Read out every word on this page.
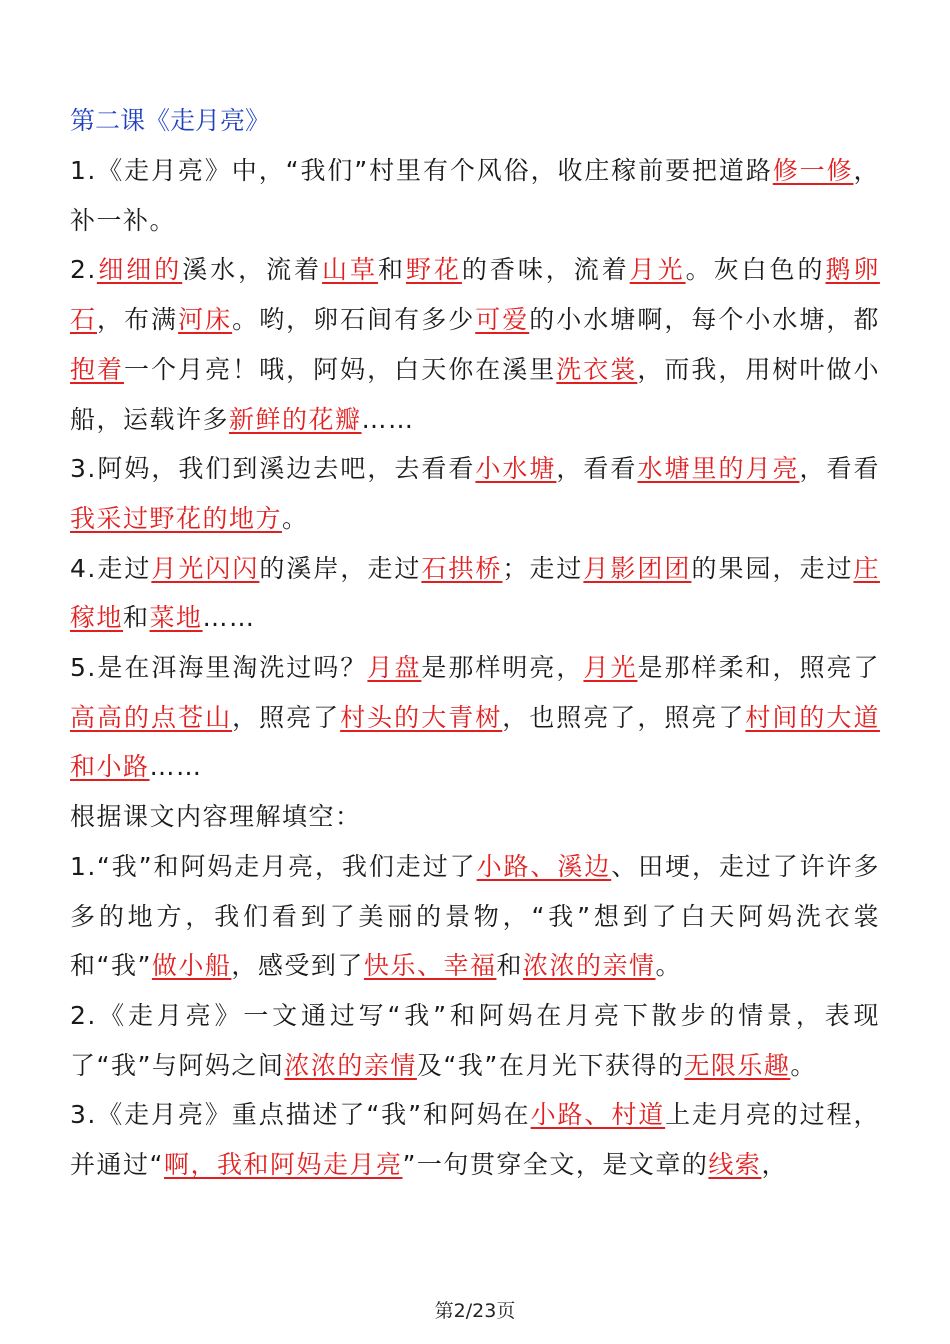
第二课《走月亮》

1.《走月亮》中，“我们”村里有个风俗，收庄稼前要把道路修一修，补一补。

2.细细的溪水，流着山草和野花的香味，流着月光。灰白色的鹅卵石，布满河床。哟，卵石间有多少可爱的小水塘啊，每个小水塘，都抱着一个月亮！哦，阿妈，白天你在溪里洗衣裳，而我，用树叶做小船，运载许多新鲜的花瓣……

3.阿妈，我们到溪边去吧，去看看小水塘，看看水塘里的月亮，看看我采过野花的地方。

4.走过月光闪闪的溪岸，走过石拱桥；走过月影团团的果园，走过庄稼地和菜地……

5.是在洱海里淘洗过吗？月盘是那样明亮，月光是那样柔和，照亮了高高的点苍山，照亮了村头的大青树，也照亮了，照亮了村间的大道和小路……

根据课文内容理解填空：

1.“我”和阿妈走月亮，我们走过了小路、溪边、田埂，走过了许许多多的地方，我们看到了美丽的景物，“我”想到了白天阿妈洗衣裳和“我”做小船，感受到了快乐、幸福和浓浓的亲情。

2.《走月亮》一文通过写“我”和阿妈在月亮下散步的情景，表现了“我”与阿妈之间浓浓的亲情及“我”在月光下获得的无限乐趣。

3.《走月亮》重点描述了“我”和阿妈在小路、村道上走月亮的过程，并通过“啊，我和阿妈走月亮”一句贯穿全文，是文章的线索，

第2/23页
